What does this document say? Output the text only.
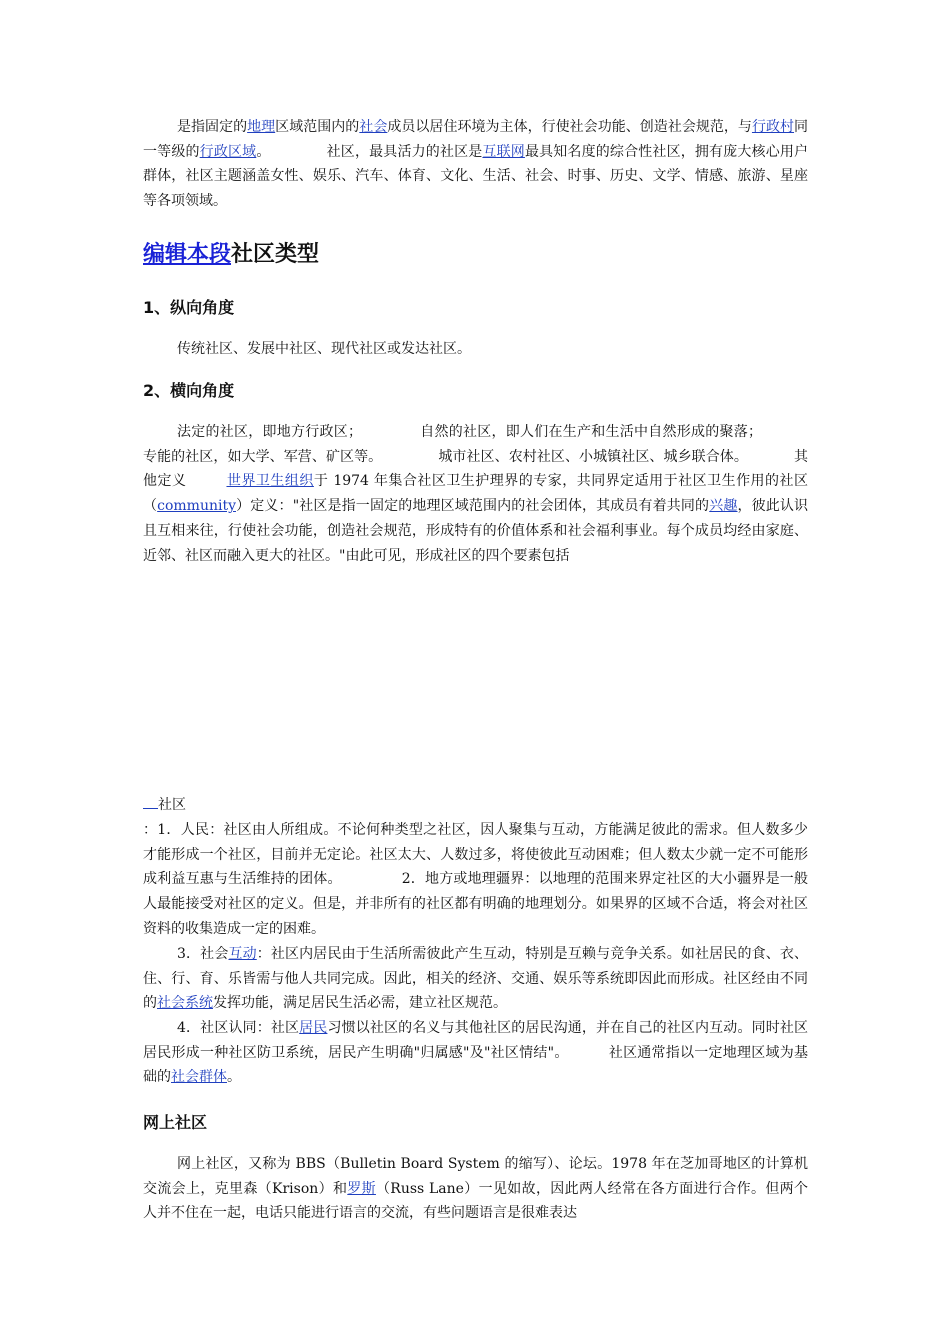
是指固定的地理区域范围内的社会成员以居住环境为主体，行使社会功能、创造社会规范，与行政村同一等级的行政区域。	社区，最具活力的社区是互联网最具知名度的综合性社区，拥有庞大核心用户群体，社区主题涵盖女性、娱乐、汽车、体育、文化、生活、社会、时事、历史、文学、情感、旅游、星座等各项领域。

编辑本段社区类型
1、纵向角度

传统社区、发展中社区、现代社区或发达社区。

2、横向角度

法定的社区，即地方行政区；	自然的社区，即人们在生产和生活中自然形成的聚落；专能的社区，如大学、军营、矿区等。	城市社区、农村社区、小城镇社区、城乡联合体。	其他定义	世界卫生组织于 1974 年集合社区卫生护理界的专家，共同界定适用于社区卫生作用的社区（community）定义："社区是指一固定的地理区域范围内的社会团体，其成员有着共同的兴趣，彼此认识且互相来往，行使社会功能，创造社会规范，形成特有的价值体系和社会福利事业。每个成员均经由家庭、近邻、社区而融入更大的社区。"由此可见，形成社区的四个要素包括

社区

：1．人民：社区由人所组成。不论何种类型之社区，因人聚集与互动，方能满足彼此的需求。但人数多少才能形成一个社区，目前并无定论。社区太大、人数过多，将使彼此互动困难；但人数太少就一定不可能形成利益互惠与生活维持的团体。	2．地方或地理疆界：以地理的范围来界定社区的大小疆界是一般人最能接受对社区的定义。但是，并非所有的社区都有明确的地理划分。如果界的区域不合适，将会对社区资料的收集造成一定的困难。

3．社会互动：社区内居民由于生活所需彼此产生互动，特别是互赖与竞争关系。如社居民的食、衣、住、行、育、乐皆需与他人共同完成。因此，相关的经济、交通、娱乐等系统即因此而形成。社区经由不同的社会系统发挥功能，满足居民生活必需，建立社区规范。

4．社区认同：社区居民习惯以社区的名义与其他社区的居民沟通，并在自己的社区内互动。同时社区居民形成一种社区防卫系统，居民产生明确"归属感"及"社区情结"。	社区通常指以一定地理区域为基础的社会群体。

网上社区

网上社区，又称为 BBS（Bulletin Board System 的缩写）、论坛。1978 年在芝加哥地区的计算机交流会上，克里森（Krison）和罗斯（Russ Lane）一见如故，因此两人经常在各方面进行合作。但两个人并不住在一起，电话只能进行语言的交流，有些问题语言是很难表达
